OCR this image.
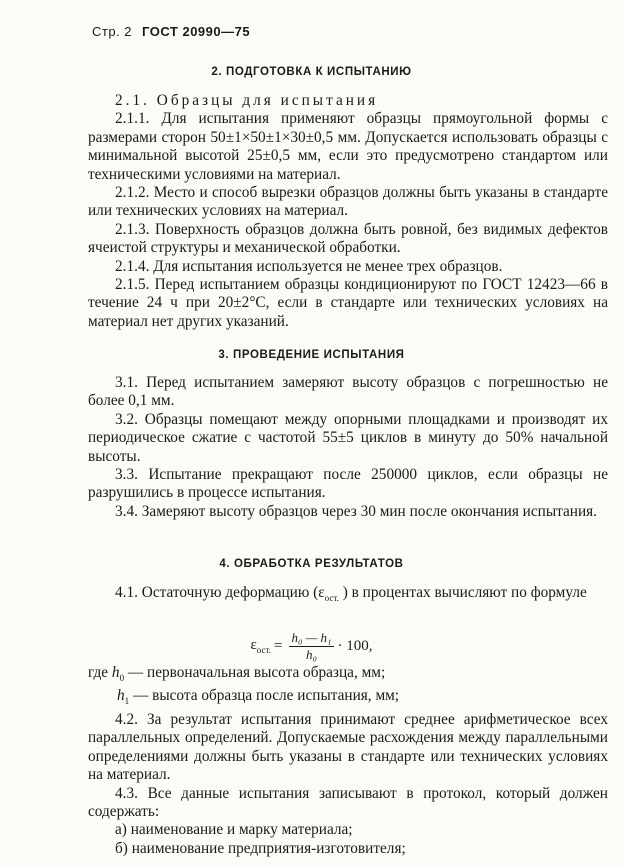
Стр. 2 ГОСТ 20990—75
2. ПОДГОТОВКА К ИСПЫТАНИЮ

2.1. Образцы для испытания

2.1.1. Для испытания применяют образцы прямоугольной формы с размерами сторон 50±1×50±1×30±0,5 мм. Допускается использовать образцы с минимальной высотой 25±0,5 мм, если это предусмотрено стандартом или техническими условиями на материал.

2.1.2. Место и способ вырезки образцов должны быть указаны в стандарте или технических условиях на материал.

2.1.3. Поверхность образцов должна быть ровной, без видимых дефектов ячеистой структуры и механической обработки.

2.1.4. Для испытания используется не менее трех образцов.

2.1.5. Перед испытанием образцы кондиционируют по ГОСТ 12423—66 в течение 24 ч при 20±2°С, если в стандарте или технических условиях на материал нет других указаний.

3. ПРОВЕДЕНИЕ ИСПЫТАНИЯ

3.1. Перед испытанием замеряют высоту образцов с погрешностью не более 0,1 мм.

3.2. Образцы помещают между опорными площадками и производят их периодическое сжатие с частотой 55±5 циклов в минуту до 50% начальной высоты.

3.3. Испытание прекращают после 250000 циклов, если образцы не разрушились в процессе испытания.

3.4. Замеряют высоту образцов через 30 мин после окончания испытания.

4. ОБРАБОТКА РЕЗУЛЬТАТОВ

4.1. Остаточную деформацию ($\varepsilon_{ост.}$ ) в процентах вычисляют по формуле

$\varepsilon_{ост.} = \frac{\text{h₀ — h₁}}{\text{h₀}} \cdot 100$,

где $h_0$ — первоначальная высота образца, мм;

$h_1$ — высота образца после испытания, мм;

4.2. За результат испытания принимают среднее арифметическое всех параллельных определений. Допускаемые расхождения между параллельными определениями должны быть указаны в стандарте или технических условиях на материал.

4.3. Все данные испытания записывают в протокол, который должен содержать:

а) наименование и марку материала;

б) наименование предприятия-изготовителя;
